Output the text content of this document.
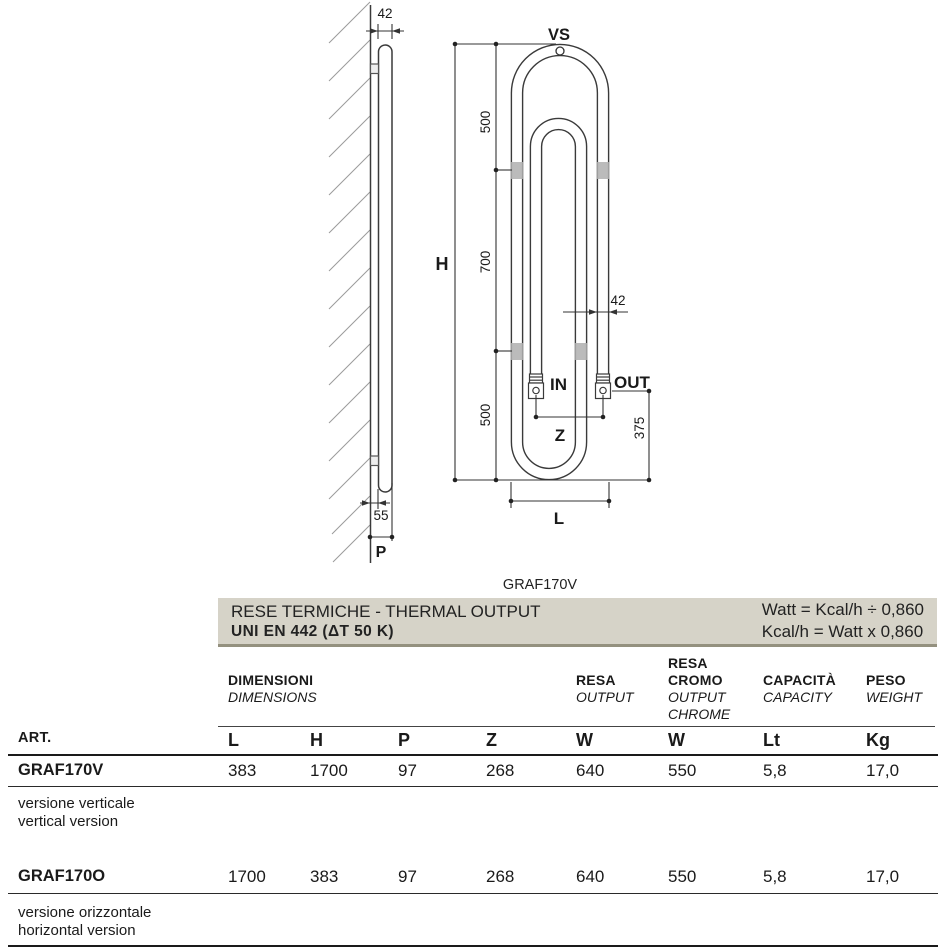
42
VS
H
500
700
500
42
IN	OUT
Z	375
L
55
P
GRAF170V
RESE TERMICHE - THERMAL OUTPUT
UNI EN 442 (ΔT 50 K)
Watt = Kcal/h ÷ 0,860
Kcal/h = Watt x 0,860
DIMENSIONI
DIMENSIONS
RESA
OUTPUT
RESA
CROMO
OUTPUT
CHROME
CAPACITÀ
CAPACITY
PESO
WEIGHT
ART.	L	H	P	Z	W	W	Lt	Kg
GRAF170V	383	1700	97	268	640	550	5,8	17,0
versione verticale
vertical version
GRAF170O	1700	383	97	268	640	550	5,8	17,0
versione orizzontale
horizontal version
